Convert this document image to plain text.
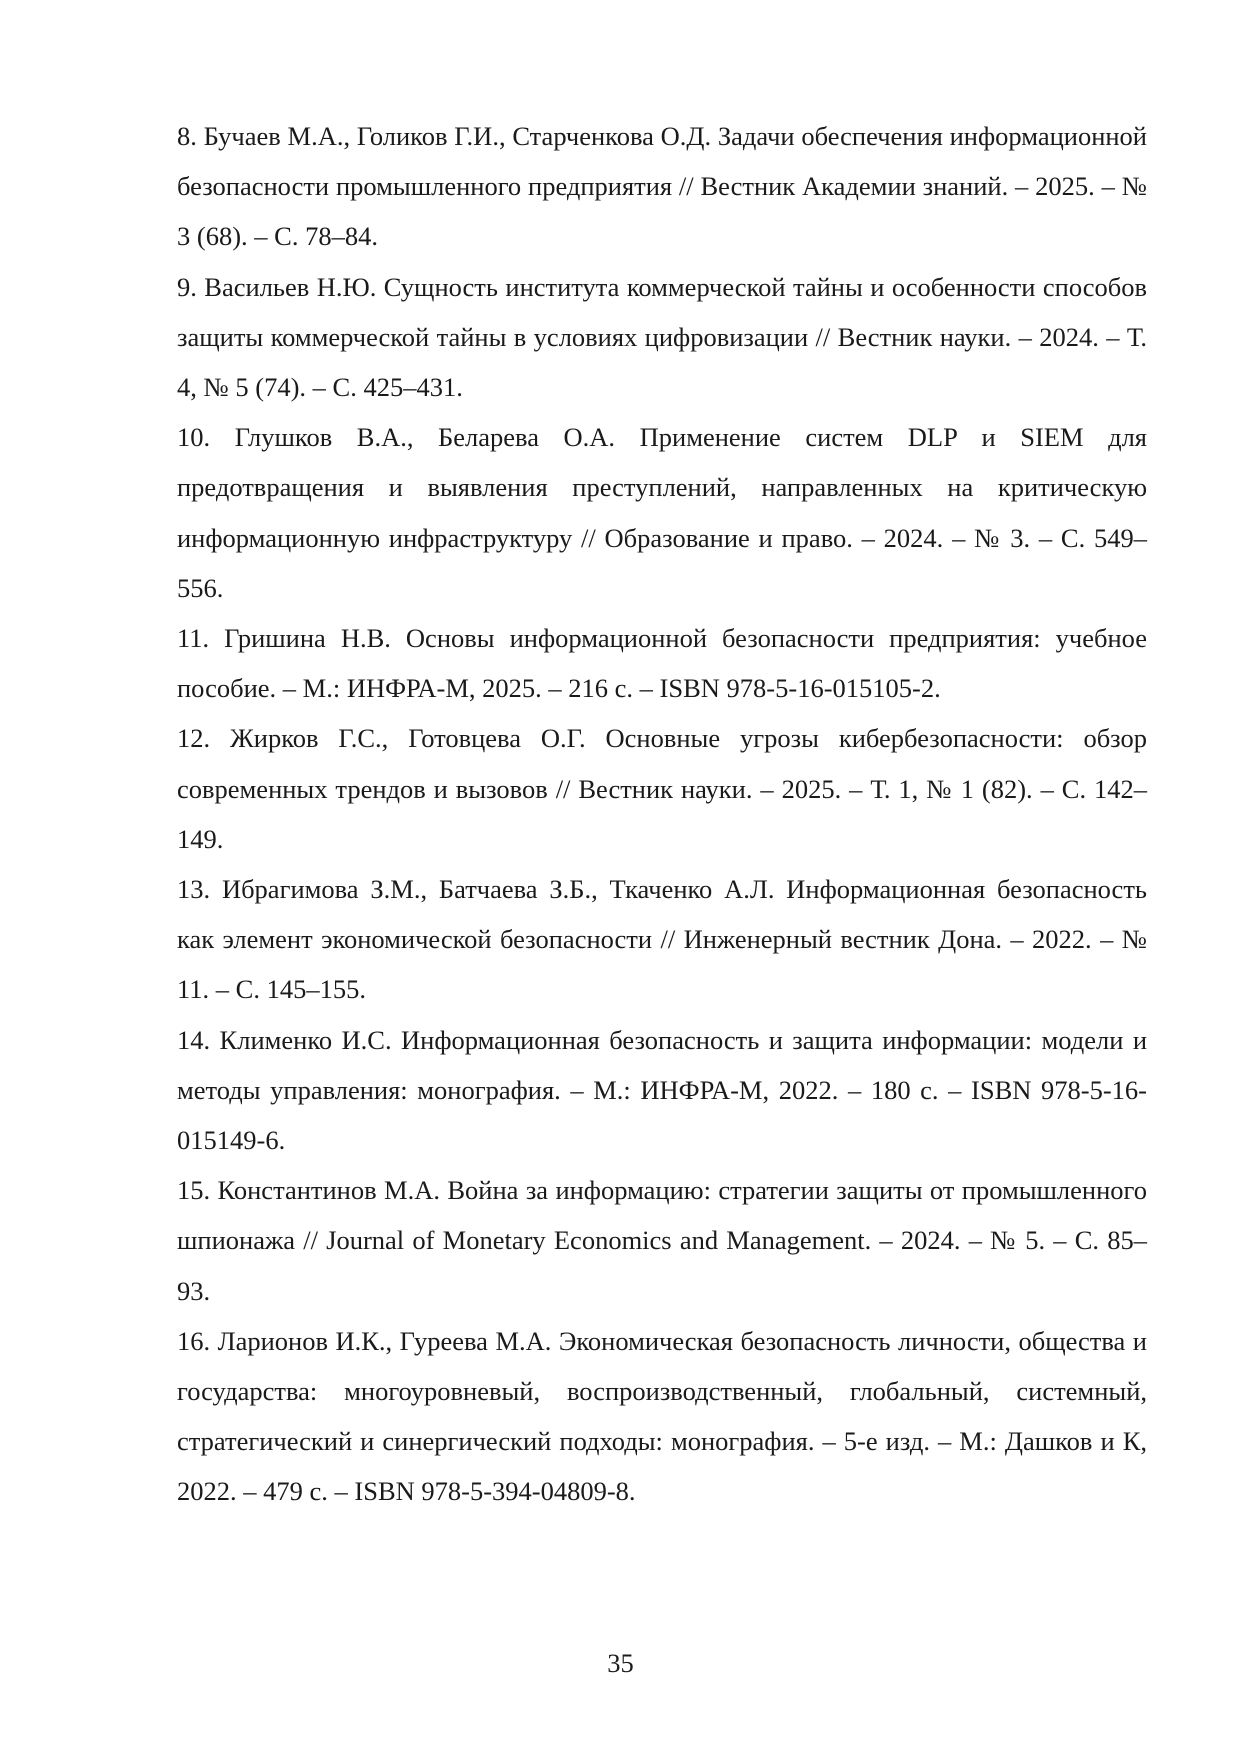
8. Бучаев М.А., Голиков Г.И., Старченкова О.Д. Задачи обеспечения информационной безопасности промышленного предприятия // Вестник Академии знаний. – 2025. – № 3 (68). – С. 78–84.

9. Васильев Н.Ю. Сущность института коммерческой тайны и особенности способов защиты коммерческой тайны в условиях цифровизации // Вестник науки. – 2024. – Т. 4, № 5 (74). – С. 425–431.

10. Глушков В.А., Беларева О.А. Применение систем DLP и SIEM для предотвращения и выявления преступлений, направленных на критическую информационную инфраструктуру // Образование и право. – 2024. – № 3. – С. 549–556.

11. Гришина Н.В. Основы информационной безопасности предприятия: учебное пособие. – М.: ИНФРА-М, 2025. – 216 с. – ISBN 978-5-16-015105-2.

12. Жирков Г.С., Готовцева О.Г. Основные угрозы кибербезопасности: обзор современных трендов и вызовов // Вестник науки. – 2025. – Т. 1, № 1 (82). – С. 142–149.

13. Ибрагимова З.М., Батчаева З.Б., Ткаченко А.Л. Информационная безопасность как элемент экономической безопасности // Инженерный вестник Дона. – 2022. – № 11. – С. 145–155.

14. Клименко И.С. Информационная безопасность и защита информации: модели и методы управления: монография. – М.: ИНФРА-М, 2022. – 180 с. – ISBN 978-5-16-015149-6.

15. Константинов М.А. Война за информацию: стратегии защиты от промышленного шпионажа // Journal of Monetary Economics and Management. – 2024. – № 5. – С. 85–93.

16. Ларионов И.К., Гуреева М.А. Экономическая безопасность личности, общества и государства: многоуровневый, воспроизводственный, глобальный, системный, стратегический и синергический подходы: монография. – 5-е изд. – М.: Дашков и К, 2022. – 479 с. – ISBN 978-5-394-04809-8.

35
